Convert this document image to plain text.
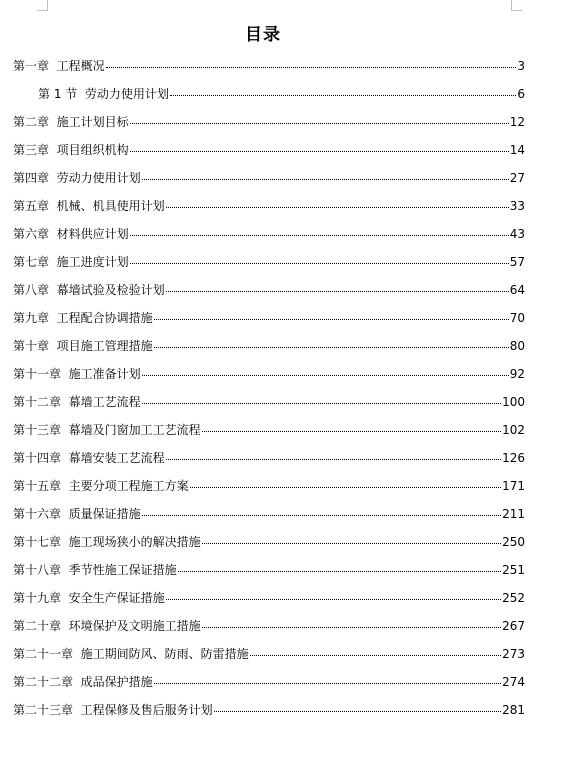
目录
第一章  工程概况	3
第 1 节  劳动力使用计划	6
第二章  施工计划目标	12
第三章  项目组织机构	14
第四章  劳动力使用计划	27
第五章  机械、机具使用计划	33
第六章  材料供应计划	43
第七章  施工进度计划	57
第八章  幕墙试验及检验计划	64
第九章  工程配合协调措施	70
第十章  项目施工管理措施	80
第十一章  施工准备计划	92
第十二章  幕墙工艺流程	100
第十三章  幕墙及门窗加工工艺流程	102
第十四章  幕墙安装工艺流程	126
第十五章  主要分项工程施工方案	171
第十六章  质量保证措施	211
第十七章  施工现场狭小的解决措施	250
第十八章  季节性施工保证措施	251
第十九章  安全生产保证措施	252
第二十章  环境保护及文明施工措施	267
第二十一章  施工期间防风、防雨、防雷措施	273
第二十二章  成品保护措施	274
第二十三章  工程保修及售后服务计划	281
